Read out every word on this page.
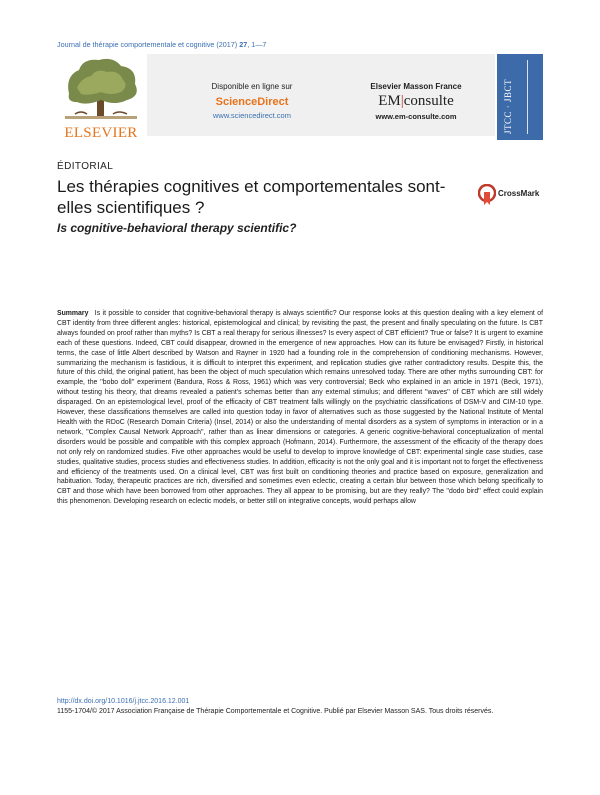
Journal de thérapie comportementale et cognitive (2017) 27, 1—7
ELSEVIER
Disponible en ligne sur
ScienceDirect
www.sciencedirect.com
Elsevier Masson France
EM|consulte
www.em-consulte.com	JTCC · JBCT
ÉDITORIAL
Les thérapies cognitives et comportementales sont-elles scientifiques ?
CrossMark
Is cognitive-behavioral therapy scientific?
Summary Is it possible to consider that cognitive-behavioral therapy is always scientific? Our response looks at this question dealing with a key element of CBT identity from three different angles: historical, epistemological and clinical; by revisiting the past, the present and finally speculating on the future. Is CBT always founded on proof rather than myths? Is CBT a real therapy for serious illnesses? Is every aspect of CBT efficient? True or false? It is urgent to examine each of these questions. Indeed, CBT could disappear, drowned in the emergence of new approaches. How can its future be envisaged? Firstly, in historical terms, the case of little Albert described by Watson and Rayner in 1920 had a founding role in the comprehension of conditioning mechanisms. However, summarizing the mechanism is fastidious, it is difficult to interpret this experiment, and replication studies give rather contradictory results. Despite this, the future of this child, the original patient, has been the object of much speculation which remains unresolved today. There are other myths surrounding CBT: for example, the ''bobo doll'' experiment (Bandura, Ross & Ross, 1961) which was very controversial; Beck who explained in an article in 1971 (Beck, 1971), without testing his theory, that dreams revealed a patient's schemas better than any external stimulus; and different ''waves'' of CBT which are still widely disparaged. On an epistemological level, proof of the efficacity of CBT treatment falls willingly on the psychiatric classifications of DSM-V and CIM-10 type. However, these classifications themselves are called into question today in favor of alternatives such as those suggested by the National Institute of Mental Health with the RDoC (Research Domain Criteria) (Insel, 2014) or also the understanding of mental disorders as a system of symptoms in interaction or in a network, ''Complex Causal Network Approach'', rather than as linear dimensions or categories. A generic cognitive-behavioral conceptualization of mental disorders would be possible and compatible with this complex approach (Hofmann, 2014). Furthermore, the assessment of the efficacity of the therapy does not only rely on randomized studies. Five other approaches would be useful to develop to improve knowledge of CBT: experimental single case studies, case studies, qualitative studies, process studies and effectiveness studies. In addition, efficacity is not the only goal and it is important not to forget the effectiveness and efficiency of the treatments used. On a clinical level, CBT was first built on conditioning theories and practice based on exposure, generalization and habituation. Today, therapeutic practices are rich, diversified and sometimes even eclectic, creating a certain blur between those which belong specifically to CBT and those which have been borrowed from other approaches. They all appear to be promising, but are they really? The ''dodo bird'' effect could explain this phenomenon. Developing research on eclectic models, or better still on integrative concepts, would perhaps allow
http://dx.doi.org/10.1016/j.jtcc.2016.12.001
1155-1704/© 2017 Association Française de Thérapie Comportementale et Cognitive. Publié par Elsevier Masson SAS. Tous droits réservés.
